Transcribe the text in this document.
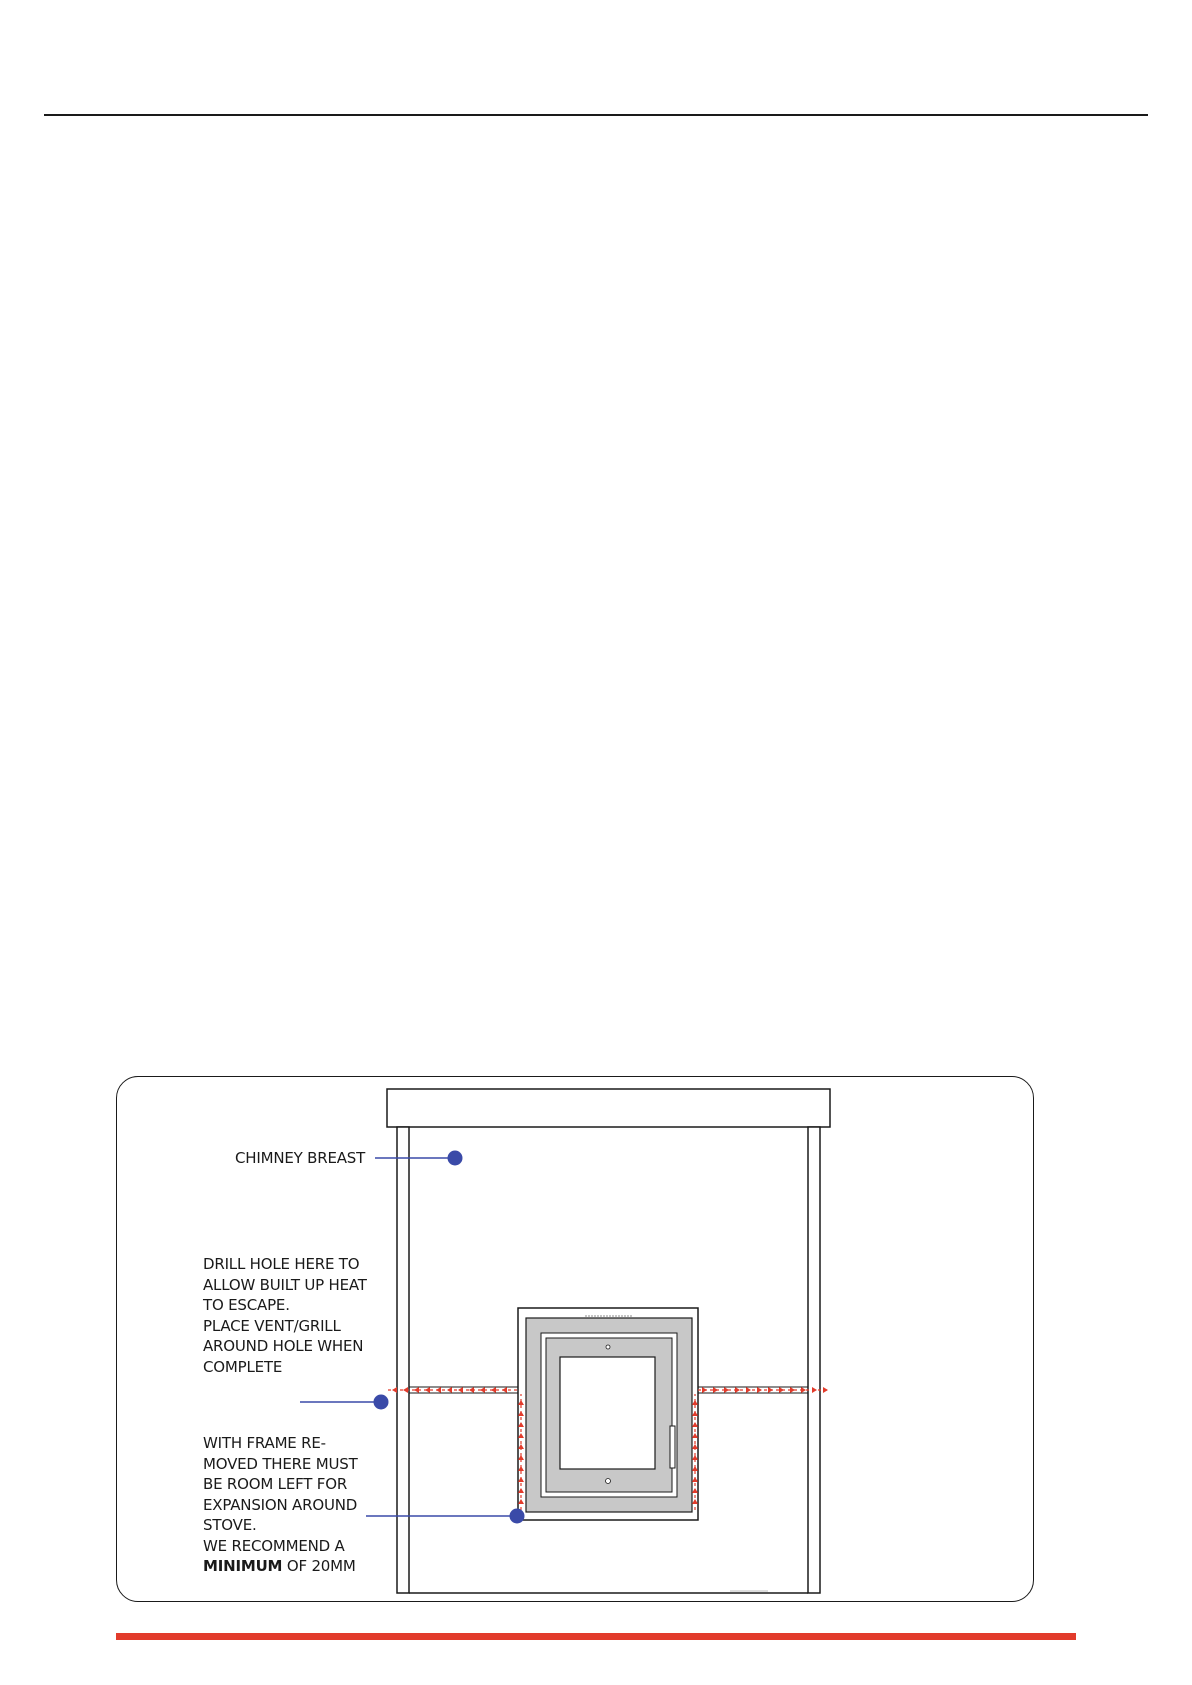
CHIMNEY BREAST
DRILL HOLE HERE TO
ALLOW BUILT UP HEAT
TO ESCAPE.
PLACE VENT/GRILL
AROUND HOLE WHEN
COMPLETE
WITH FRAME RE-
MOVED THERE MUST
BE ROOM LEFT FOR
EXPANSION AROUND
STOVE.
WE RECOMMEND A
MINIMUM OF 20MM
